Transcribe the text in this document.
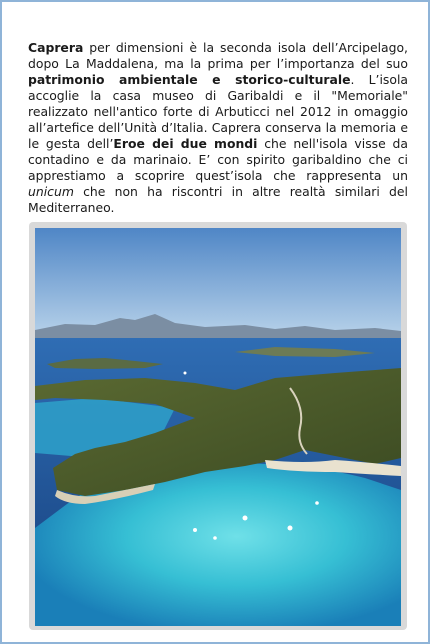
Caprera per dimensioni è la seconda isola dell’Arcipelago, dopo La Maddalena, ma la prima per l’importanza del suo patrimonio ambientale e storico-culturale. L’isola accoglie la casa museo di Garibaldi e il "Memoriale" realizzato nell'antico forte di Arbuticci nel 2012 in omaggio all’artefice dell’Unità d’Italia. Caprera conserva la memoria e le gesta dell’Eroe dei due mondi che nell'isola visse da contadino e da marinaio. E’ con spirito garibaldino che ci apprestiamo a scoprire quest’isola che rappresenta un unicum che non ha riscontri in altre realtà similari del Mediterraneo.
